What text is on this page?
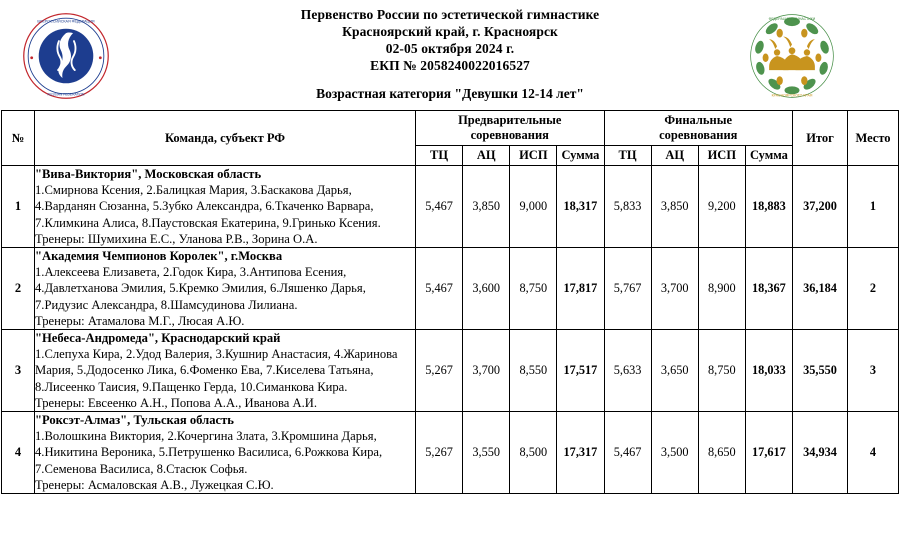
ВСЕРОССИЙСКАЯ ФЕДЕРАЦИЯ
RUSSIAN FEDERATION
Первенство России по эстетической гимнастике
Красноярский край, г. Красноярск
02-05 октября 2024 г.
ЕКП № 2058240022016527
Возрастная категория "Девушки 12-14 лет"
ФЕДЕРАЦИЯ ГИМНАСТИКИ
КРАСНОЯРСКОГО КРАЯ
№	Команда, субъект РФ	Предварительные
соревнования				Финальные
соревнования				Итог	Место
		ТЦ	АЦ	ИСП	Сумма	ТЦ	АЦ	ИСП	Сумма		
1	"Вива-Виктория", Московская область
1.Смирнова Ксения, 2.Балицкая Мария, 3.Баскакова Дарья, 4.Варданян Сюзанна, 5.Зубко Александра, 6.Ткаченко Варвара, 7.Климкина Алиса, 8.Паустовская Екатерина, 9.Гринько Ксения.
Тренеры: Шумихина Е.С., Уланова Р.В., Зорина О.А.	5,467	3,850	9,000	18,317	5,833	3,850	9,200	18,883	37,200	1
2	"Академия Чемпионов Королек", г.Москва
1.Алексеева Елизавета, 2.Годок Кира, 3.Антипова Есения, 4.Давлетханова Эмилия, 5.Кремко Эмилия, 6.Ляшенко Дарья, 7.Ридузис Александра, 8.Шамсудинова Лилиана.
Тренеры: Атамалова М.Г., Люсая А.Ю.	5,467	3,600	8,750	17,817	5,767	3,700	8,900	18,367	36,184	2
3	"Небеса-Андромеда", Краснодарский край
1.Слепуха Кира, 2.Удод Валерия, 3.Кушнир Анастасия, 4.Жаринова Мария, 5.Додосенко Лика, 6.Фоменко Ева, 7.Киселева Татьяна, 8.Лисеенко Таисия, 9.Пащенко Герда, 10.Симанкова Кира.
Тренеры: Евсеенко А.Н., Попова А.А., Иванова А.И.	5,267	3,700	8,550	17,517	5,633	3,650	8,750	18,033	35,550	3
4	"Роксэт-Алмаз", Тульская область
1.Волошкина Виктория, 2.Кочергина Злата, 3.Кромшина Дарья, 4.Никитина Вероника, 5.Петрушенко Василиса, 6.Рожкова Кира, 7.Семенова Василиса, 8.Стасюк Софья.
Тренеры: Асмаловская А.В., Лужецкая С.Ю.	5,267	3,550	8,500	17,317	5,467	3,500	8,650	17,617	34,934	4
